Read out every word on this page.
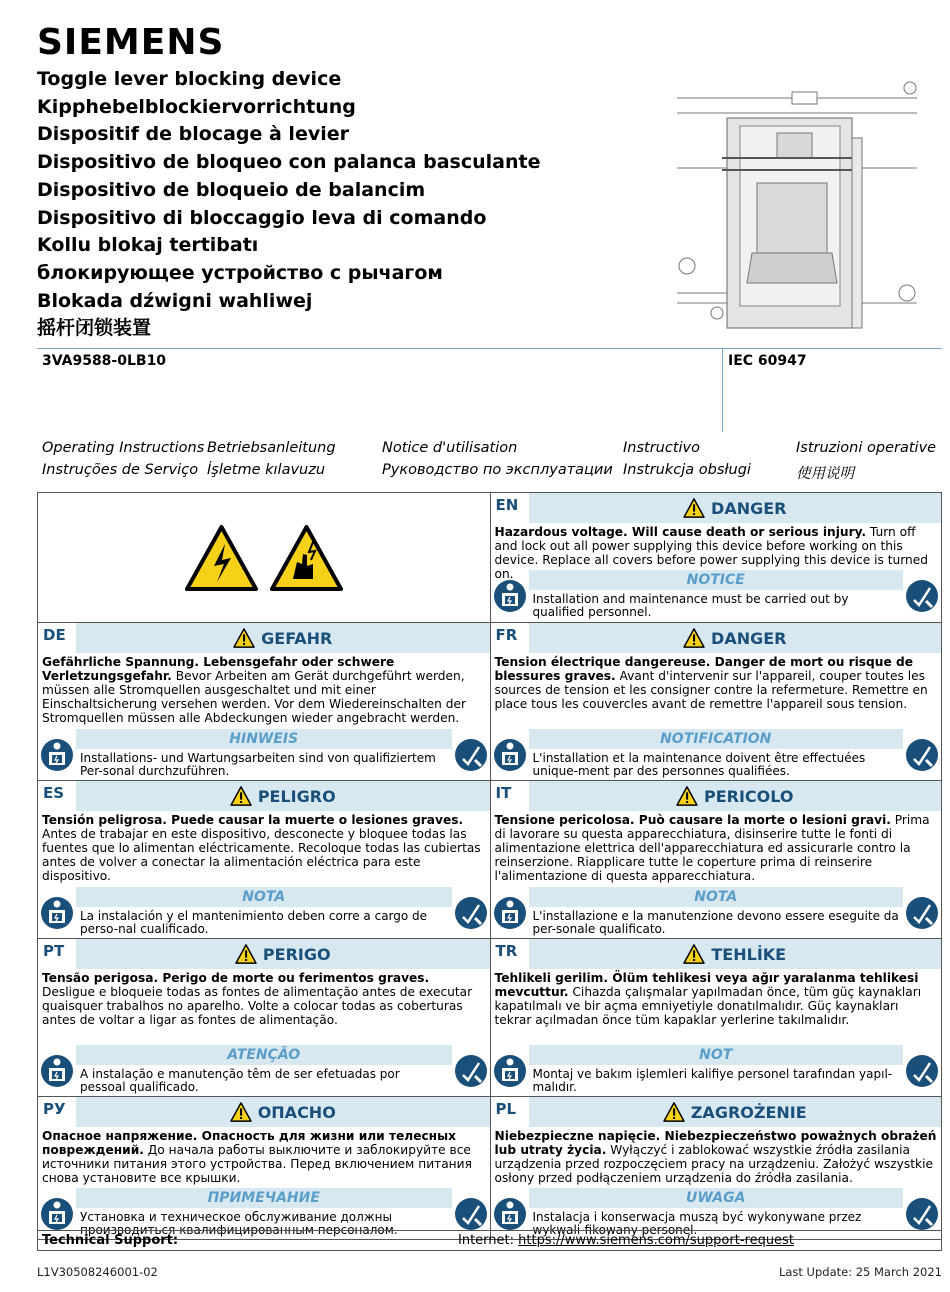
SIEMENS
Toggle lever blocking device
Kipphebelblockiervorrichtung
Dispositif de blocage à levier
Dispositivo de bloqueo con palanca basculante
Dispositivo de bloqueio de balancim
Dispositivo di bloccaggio leva di comando
Kollu blokaj tertibatı
блокирующее устройство с рычагом
Blokada dźwigni wahliwej
摇杆闭锁装置
3VA9588-0LB10	IEC 60947
Operating Instructions Betriebsanleitung	Notice d'utilisation	Instructivo	Istruzioni operative
Instruções de Serviço İşletme kılavuzu	Руководство по эксплуатации Instrukcja obsługi	使用说明
EN	DANGER
Hazardous voltage. Will cause death or serious injury. Turn off and lock out all power supplying this device before working on this device. Replace all covers before power supplying this device is turned on.	NOTICE
Installation and maintenance must be carried out by qualified personnel.
DE	GEFAHR
Gefährliche Spannung. Lebensgefahr oder schwere Verletzungsgefahr. Bevor Arbeiten am Gerät durchgeführt werden, müssen alle Stromquellen ausgeschaltet und mit einer Einschaltsicherung versehen werden. Vor dem Wiedereinschalten der Stromquellen müssen alle Abdeckungen wieder angebracht werden.
HINWEIS
Installations- und Wartungsarbeiten sind von qualifiziertem Per-sonal durchzuführen.
FR	DANGER
Tension électrique dangereuse. Danger de mort ou risque de blessures graves. Avant d'intervenir sur l'appareil, couper toutes les sources de tension et les consigner contre la refermeture. Remettre en place tous les couvercles avant de remettre l'appareil sous tension.
NOTIFICATION
L'installation et la maintenance doivent être effectuées unique-ment par des personnes qualifiées.
ES	PELIGRO
Tensión peligrosa. Puede causar la muerte o lesiones graves. Antes de trabajar en este dispositivo, desconecte y bloquee todas las fuentes que lo alimentan eléctricamente. Recoloque todas las cubiertas antes de volver a conectar la alimentación eléctrica para este dispositivo.
NOTA
La instalación y el mantenimiento deben corre a cargo de perso-nal cualificado.
IT	PERICOLO
Tensione pericolosa. Può causare la morte o lesioni gravi. Prima di lavorare su questa apparecchiatura, disinserire tutte le fonti di alimentazione elettrica dell'apparecchiatura ed assicurarle contro la reinserzione. Riapplicare tutte le coperture prima di reinserire l'alimentazione di questa apparecchiatura.
NOTA
L'installazione e la manutenzione devono essere eseguite da per-sonale qualificato.
PT	PERIGO
Tensão perigosa. Perigo de morte ou ferimentos graves. Desligue e bloqueie todas as fontes de alimentação antes de executar quaisquer trabalhos no aparelho. Volte a colocar todas as coberturas antes de voltar a ligar as fontes de alimentação.
ATENÇÃO
A instalação e manutenção têm de ser efetuadas por pessoal qualificado.
TR	TEHLİKE
Tehlikeli gerilim. Ölüm tehlikesi veya ağır yaralanma tehlikesi mevcuttur. Cihazda çalışmalar yapılmadan önce, tüm güç kaynakları kapatılmalı ve bir açma emniyetiyle donatılmalıdır. Güç kaynakları tekrar açılmadan önce tüm kapaklar yerlerine takılmalıdır.
NOT
Montaj ve bakım işlemleri kalifiye personel tarafından yapıl-malıdır.
РУ	ОПАСНО
Опасное напряжение. Опасность для жизни или телесных повреждений. До начала работы выключите и заблокируйте все источники питания этого устройства. Перед включением питания снова установите все крышки.
ПРИМЕЧАНИЕ
Установка и техническое обслуживание должны производиться квалифицированным персоналом.
PL	ZAGROŻENIE
Niebezpieczne napięcie. Niebezpieczeństwo poważnych obrażeń lub utraty życia. Wyłączyć i zablokować wszystkie źródła zasilania urządzenia przed rozpoczęciem pracy na urządzeniu. Założyć wszystkie osłony przed podłączeniem urządzenia do źródła zasilania.
UWAGA
Instalacja i konserwacja muszą być wykonywane przez wykwali-fikowany personel.
Technical Support:	Internet: https://www.siemens.com/support-request
L1V30508246001-02	Last Update: 25 March 2021
